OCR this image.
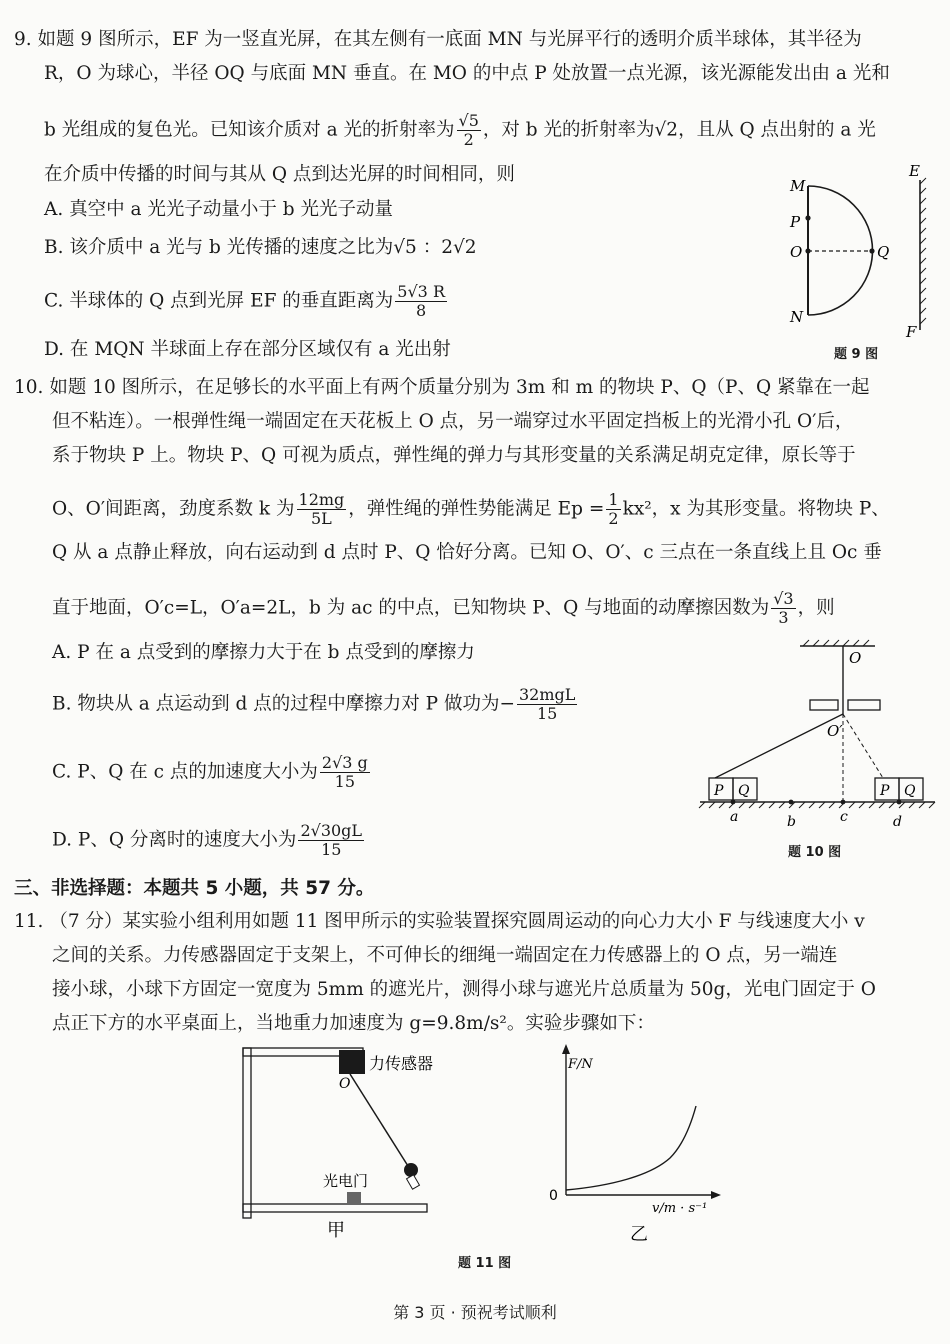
9. 如题 9 图所示，EF 为一竖直光屏，在其左侧有一底面 MN 与光屏平行的透明介质半球体，其半径为
R，O 为球心，半径 OQ 与底面 MN 垂直。在 MO 的中点 P 处放置一点光源，该光源能发出由 a 光和
b 光组成的复色光。已知该介质对 a 光的折射率为 $\frac{√5}{2}$ ，对 b 光的折射率为√2，且从 Q 点出射的 a 光
在介质中传播的时间与其从 Q 点到达光屏的时间相同，则
A. 真空中 a 光光子动量小于 b 光光子动量
B. 该介质中 a 光与 b 光传播的速度之比为√5 ：2√2
C. 半球体的 Q 点到光屏 EF 的垂直距离为 $\frac{5√3 R}{8}$
D. 在 MQN 半球面上存在部分区域仅有 a 光出射
M
P
O
N
Q
E
F
题 9 图
10. 如题 10 图所示，在足够长的水平面上有两个质量分别为 3m 和 m 的物块 P、Q（P、Q 紧靠在一起
但不粘连）。一根弹性绳一端固定在天花板上 O 点，另一端穿过水平固定挡板上的光滑小孔 O′后，
系于物块 P 上。物块 P、Q 可视为质点，弹性绳的弹力与其形变量的关系满足胡克定律，原长等于
O、O′间距离，劲度系数 k 为 $\frac{12mg}{5L}$ ，弹性绳的弹性势能满足 $Ep = \frac{1}{2} kx^2$，x 为其形变量。将物块 P、
Q 从 a 点静止释放，向右运动到 d 点时 P、Q 恰好分离。已知 O、O′、c 三点在一条直线上且 Oc 垂
直于地面，O′c=L，O′a=2L，b 为 ac 的中点，已知物块 P、Q 与地面的动摩擦因数为 $\frac{√3}{3}$ ，则
A. P 在 a 点受到的摩擦力大于在 b 点受到的摩擦力
B. 物块从 a 点运动到 d 点的过程中摩擦力对 P 做功为− $\frac{\text{32mgL}}{15}$
C. P、Q 在 c 点的加速度大小为 $\frac{2√3 g}{15}$
D. P、Q 分离时的速度大小为 $\frac{2√30gL}{15}$
O
O′
P Q	P Q
a	b	c	d
题 10 图
三、非选择题：本题共 5 小题，共 57 分。
11. （7 分）某实验小组利用如题 11 图甲所示的实验装置探究圆周运动的向心力大小 F 与线速度大小 v
之间的关系。力传感器固定于支架上，不可伸长的细绳一端固定在力传感器上的 O 点，另一端连
接小球，小球下方固定一宽度为 5mm 的遮光片，测得小球与遮光片总质量为 50g，光电门固定于 O
点正下方的水平桌面上，当地重力加速度为 g=9.8m/s²。实验步骤如下：
力传感器
O
光电门
甲
F/N
0
v/m · s⁻¹
乙
题 11 图
第 3 页 · 预祝考试顺利
